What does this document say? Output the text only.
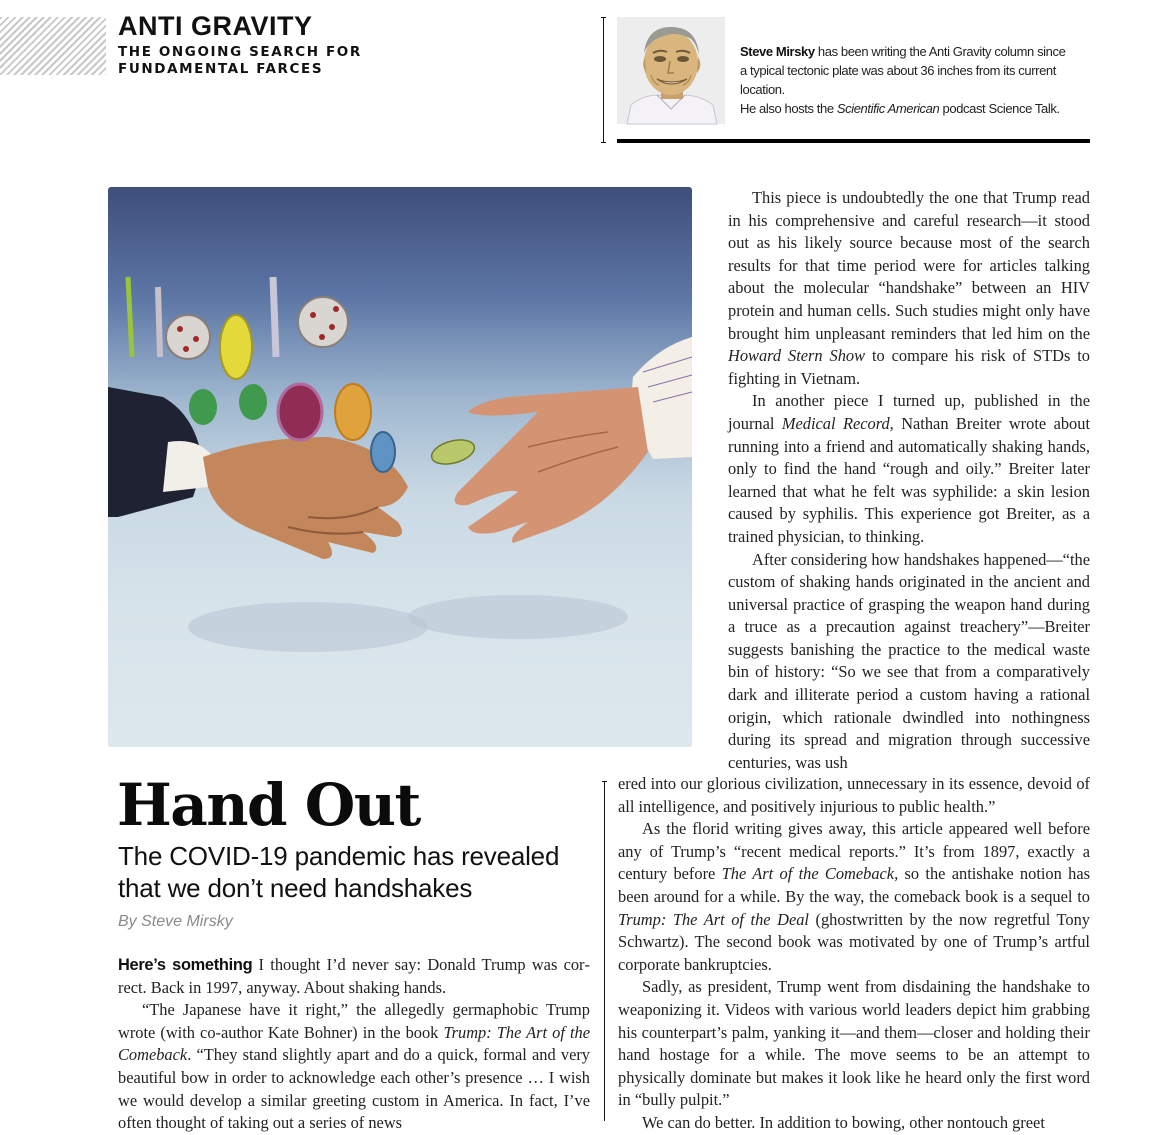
ANTI GRAVITY
THE ONGOING SEARCH FOR
FUNDAMENTAL FARCES
Steve Mirsky has been writing the Anti Gravity column since
a typical tectonic plate was about 36 inches from its current location.
He also hosts the Scientific American podcast Science Talk.
Hand Out
The COVID-19 pandemic has revealed that we don’t need handshakes
By Steve Mirsky

Here’s something I thought I’d never say: Donald Trump was correct. Back in 1997, anyway. About shaking hands.

“The Japanese have it right,” the allegedly germaphobic Trump wrote (with co-author Kate Bohner) in the book Trump: The Art of the Comeback. “They stand slightly apart and do a quick, formal and very beautiful bow in order to acknowledge each other’s presence … I wish we would develop a similar greeting custom in America. In fact, I’ve often thought of taking out a series of news

This piece is undoubtedly the one that Trump read in his comprehensive and careful research—it stood out as his likely source because most of the search results for that time period were for articles talking about the molecular “handshake” between an HIV protein and human cells. Such studies might only have brought him unpleasant reminders that led him on the Howard Stern Show to compare his risk of STDs to fighting in Vietnam.

In another piece I turned up, published in the journal Medical Record, Nathan Breiter wrote about running into a friend and automatically shaking hands, only to find the hand “rough and oily.” Breiter later learned that what he felt was syphilide: a skin lesion caused by syphilis. This experience got Breiter, as a trained physician, to thinking.

After considering how handshakes happened—“the custom of shaking hands originated in the ancient and universal practice of grasping the weapon hand during a truce as a precaution against treachery”—Breiter suggests banishing the practice to the medical waste bin of history: “So we see that from a comparatively dark and illiterate period a custom having a rational origin, which rationale dwindled into nothingness during its spread and migration through successive centuries, was ush

ered into our glorious civilization, unnecessary in its essence, devoid of all intelligence, and positively injurious to public health.”

As the florid writing gives away, this article appeared well before any of Trump’s “recent medical reports.” It’s from 1897, exactly a century before The Art of the Comeback, so the antishake notion has been around for a while. By the way, the comeback book is a sequel to Trump: The Art of the Deal (ghostwritten by the now regretful Tony Schwartz). The second book was motivated by one of Trump’s artful corporate bankruptcies.

Sadly, as president, Trump went from disdaining the handshake to weaponizing it. Videos with various world leaders depict him grabbing his counterpart’s palm, yanking it—and them—closer and holding their hand hostage for a while. The move seems to be an attempt to physically dominate but makes it look like he heard only the first word in “bully pulpit.”

We can do better. In addition to bowing, other nontouch greet
